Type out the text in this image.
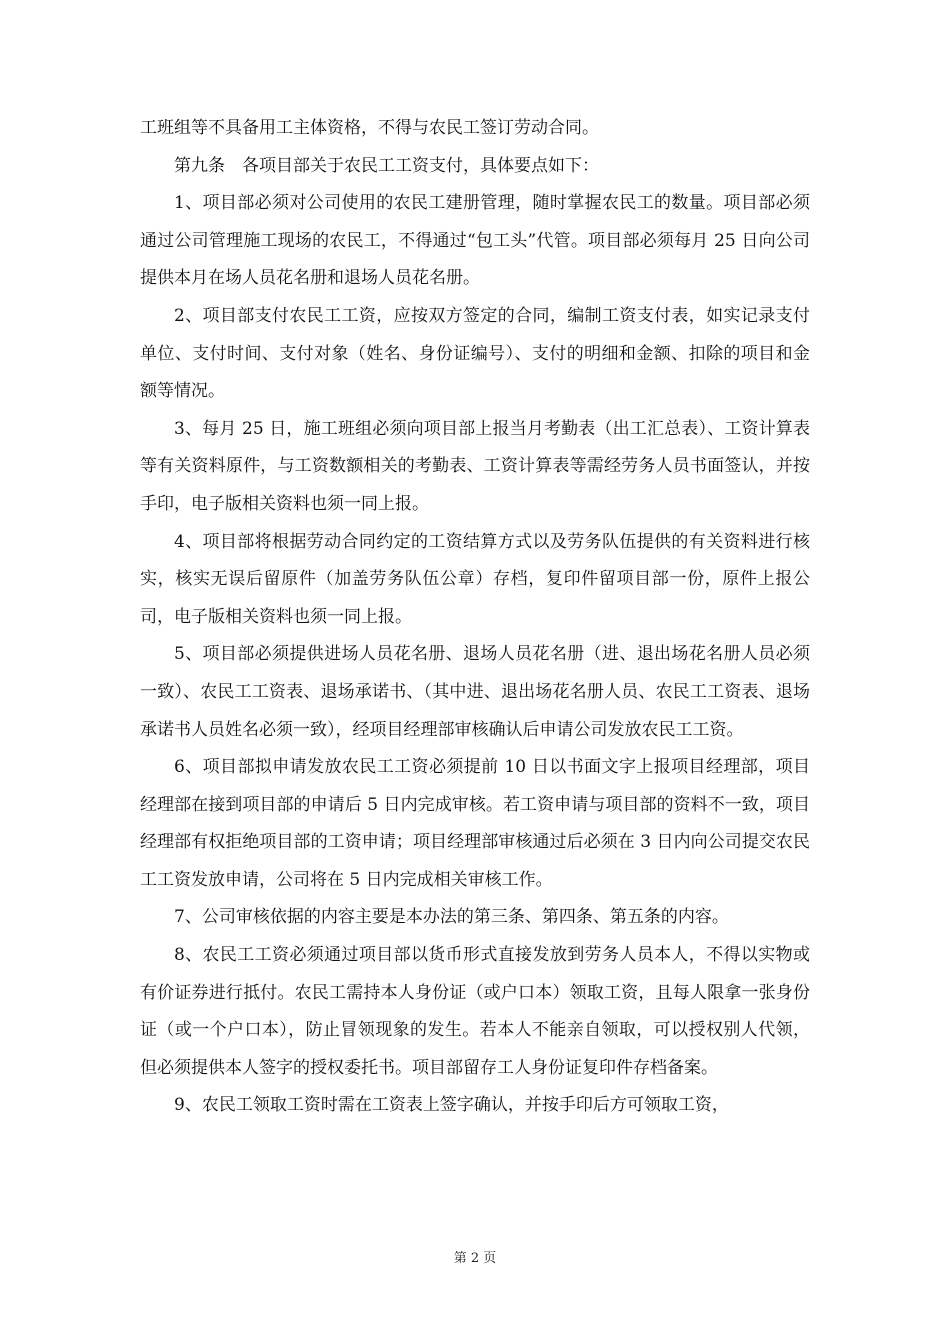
工班组等不具备用工主体资格，不得与农民工签订劳动合同。

第九条　各项目部关于农民工工资支付，具体要点如下：

1、项目部必须对公司使用的农民工建册管理，随时掌握农民工的数量。项目部必须通过公司管理施工现场的农民工，不得通过“包工头”代管。项目部必须每月 25 日向公司提供本月在场人员花名册和退场人员花名册。

2、项目部支付农民工工资，应按双方签定的合同，编制工资支付表，如实记录支付单位、支付时间、支付对象（姓名、身份证编号）、支付的明细和金额、扣除的项目和金额等情况。

3、每月 25 日，施工班组必须向项目部上报当月考勤表（出工汇总表）、工资计算表等有关资料原件，与工资数额相关的考勤表、工资计算表等需经劳务人员书面签认，并按手印，电子版相关资料也须一同上报。

4、项目部将根据劳动合同约定的工资结算方式以及劳务队伍提供的有关资料进行核实，核实无误后留原件（加盖劳务队伍公章）存档，复印件留项目部一份，原件上报公司，电子版相关资料也须一同上报。

5、项目部必须提供进场人员花名册、退场人员花名册（进、退出场花名册人员必须一致）、农民工工资表、退场承诺书、（其中进、退出场花名册人员、农民工工资表、退场承诺书人员姓名必须一致），经项目经理部审核确认后申请公司发放农民工工资。

6、项目部拟申请发放农民工工资必须提前 10 日以书面文字上报项目经理部，项目经理部在接到项目部的申请后 5 日内完成审核。若工资申请与项目部的资料不一致，项目经理部有权拒绝项目部的工资申请；项目经理部审核通过后必须在 3 日内向公司提交农民工工资发放申请，公司将在 5 日内完成相关审核工作。

7、公司审核依据的内容主要是本办法的第三条、第四条、第五条的内容。

8、农民工工资必须通过项目部以货币形式直接发放到劳务人员本人，不得以实物或有价证券进行抵付。农民工需持本人身份证（或户口本）领取工资，且每人限拿一张身份证（或一个户口本），防止冒领现象的发生。若本人不能亲自领取，可以授权别人代领，但必须提供本人签字的授权委托书。项目部留存工人身份证复印件存档备案。

9、农民工领取工资时需在工资表上签字确认，并按手印后方可领取工资，

第 2 页
